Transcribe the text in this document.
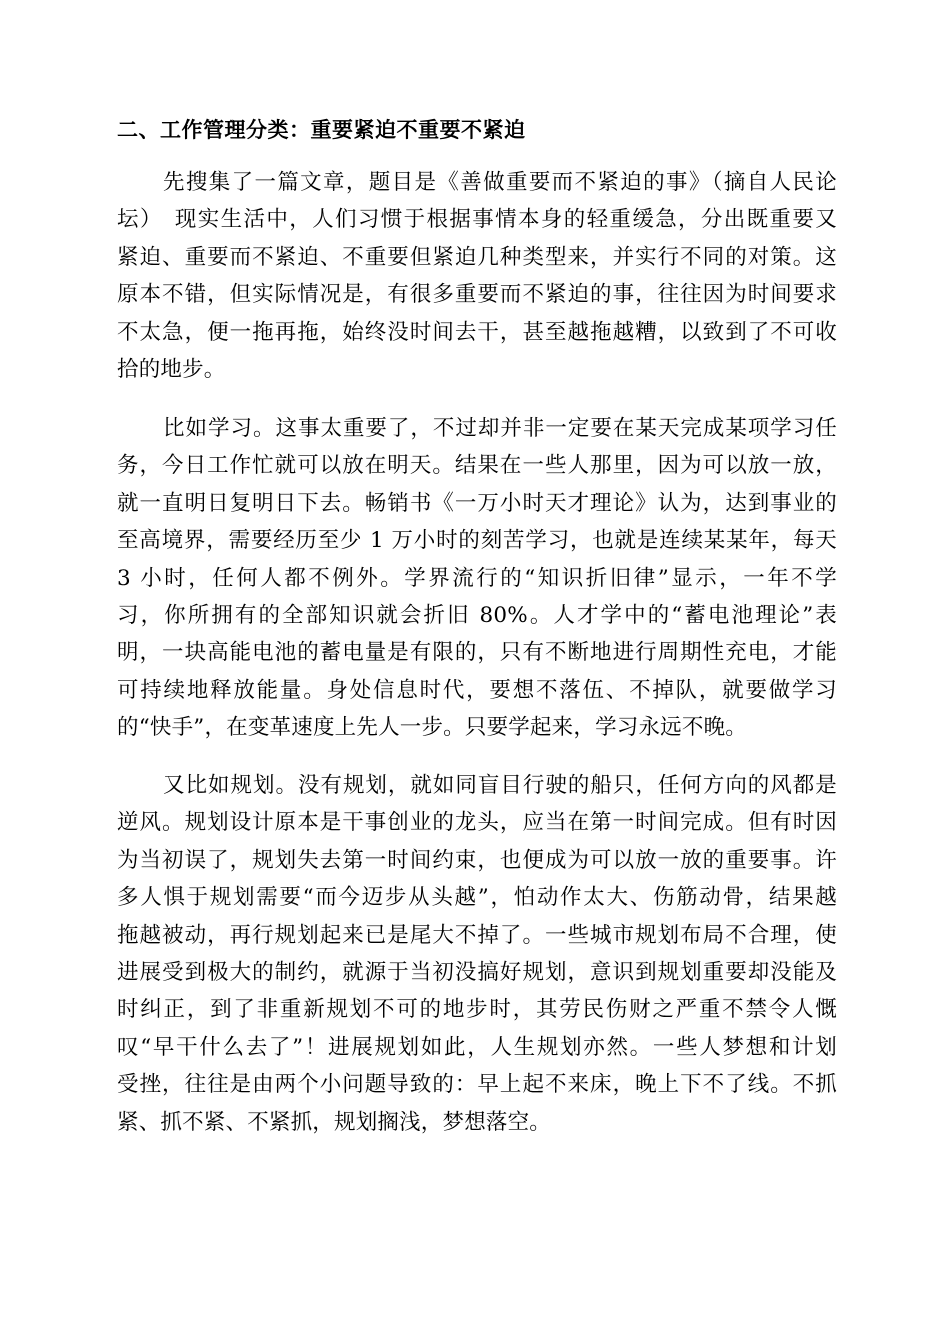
二、工作管理分类：重要紧迫不重要不紧迫
先搜集了一篇文章，题目是《善做重要而不紧迫的事》（摘自人民论
坛）　现实生活中，人们习惯于根据事情本身的轻重缓急，分出既重要又
紧迫、重要而不紧迫、不重要但紧迫几种类型来，并实行不同的对策。这
原本不错，但实际情况是，有很多重要而不紧迫的事，往往因为时间要求
不太急，便一拖再拖，始终没时间去干，甚至越拖越糟，以致到了不可收
拾的地步。
比如学习。这事太重要了，不过却并非一定要在某天完成某项学习任
务，今日工作忙就可以放在明天。结果在一些人那里，因为可以放一放，
就一直明日复明日下去。畅销书《一万小时天才理论》认为，达到事业的
至高境界，需要经历至少 1 万小时的刻苦学习，也就是连续某某年，每天
3 小时，任何人都不例外。学界流行的“知识折旧律”显示，一年不学
习，你所拥有的全部知识就会折旧 80%。人才学中的“蓄电池理论”表
明，一块高能电池的蓄电量是有限的，只有不断地进行周期性充电，才能
可持续地释放能量。身处信息时代，要想不落伍、不掉队，就要做学习
的“快手”，在变革速度上先人一步。只要学起来，学习永远不晚。
又比如规划。没有规划，就如同盲目行驶的船只，任何方向的风都是
逆风。规划设计原本是干事创业的龙头，应当在第一时间完成。但有时因
为当初误了，规划失去第一时间约束，也便成为可以放一放的重要事。许
多人惧于规划需要“而今迈步从头越”，怕动作太大、伤筋动骨，结果越
拖越被动，再行规划起来已是尾大不掉了。一些城市规划布局不合理，使
进展受到极大的制约，就源于当初没搞好规划，意识到规划重要却没能及
时纠正，到了非重新规划不可的地步时，其劳民伤财之严重不禁令人慨
叹“早干什么去了”！进展规划如此，人生规划亦然。一些人梦想和计划
受挫，往往是由两个小问题导致的：早上起不来床，晚上下不了线。不抓
紧、抓不紧、不紧抓，规划搁浅，梦想落空。
